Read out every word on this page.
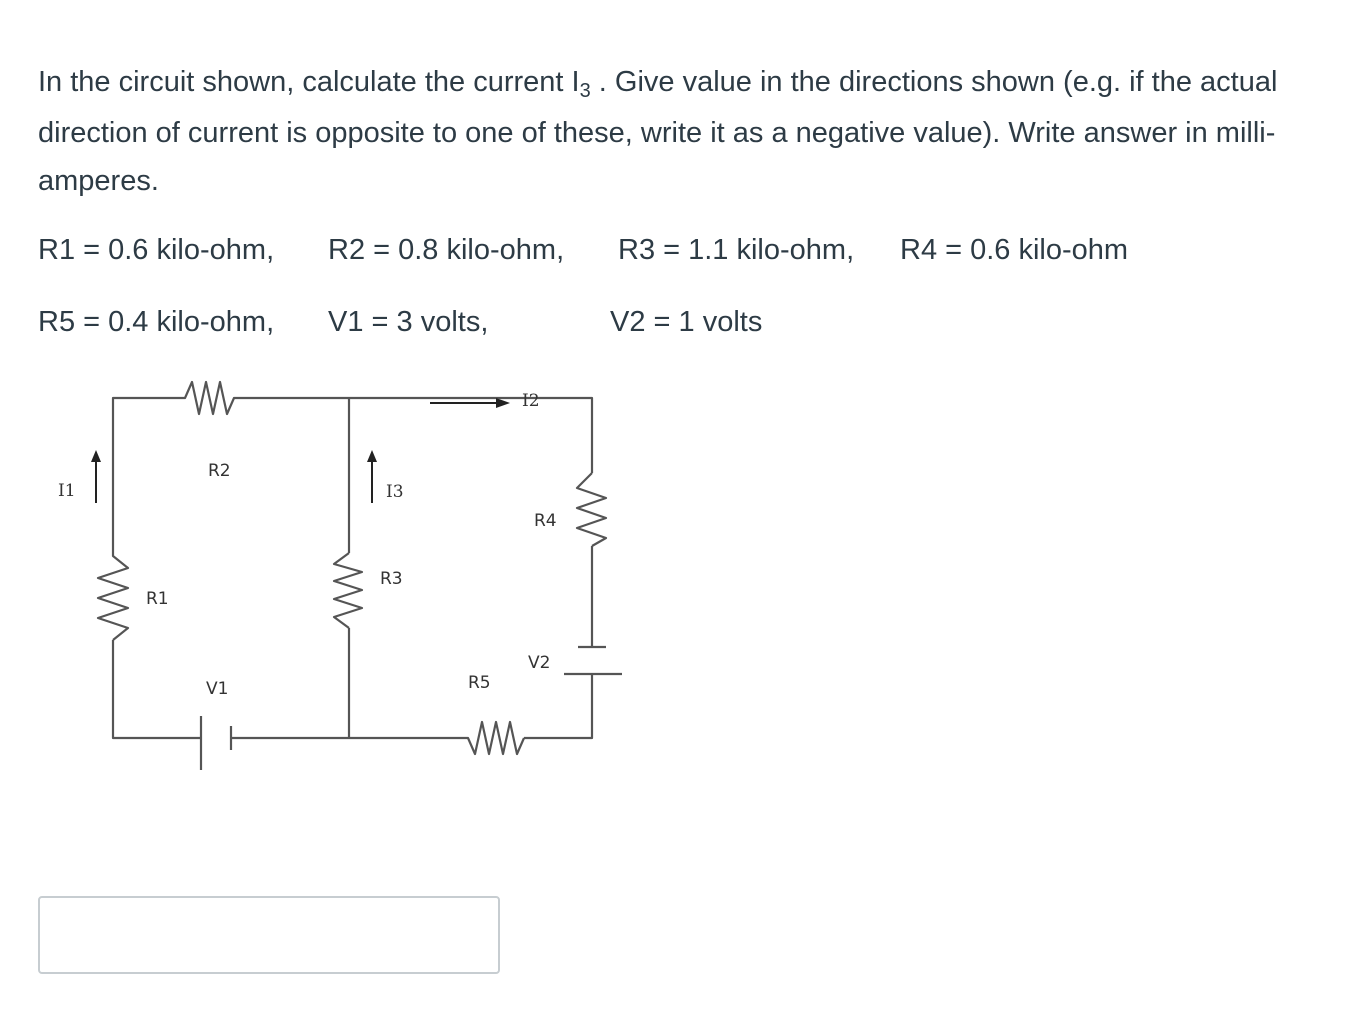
In the circuit shown, calculate the current $I_3$ . Give value in the directions shown (e.g. if the actual direction of current is opposite to one of these, write it as a negative value). Write answer in milli-amperes.

R1 = 0.6 kilo-ohm, R2 = 0.8 kilo-ohm, R3 = 1.1 kilo-ohm, R4 = 0.6 kilo-ohm
R5 = 0.4 kilo-ohm, V1 = 3 volts,	V2 = 1 volts
I1
I2
I3
R1
R2
R3
R4
R5
V1
V2
